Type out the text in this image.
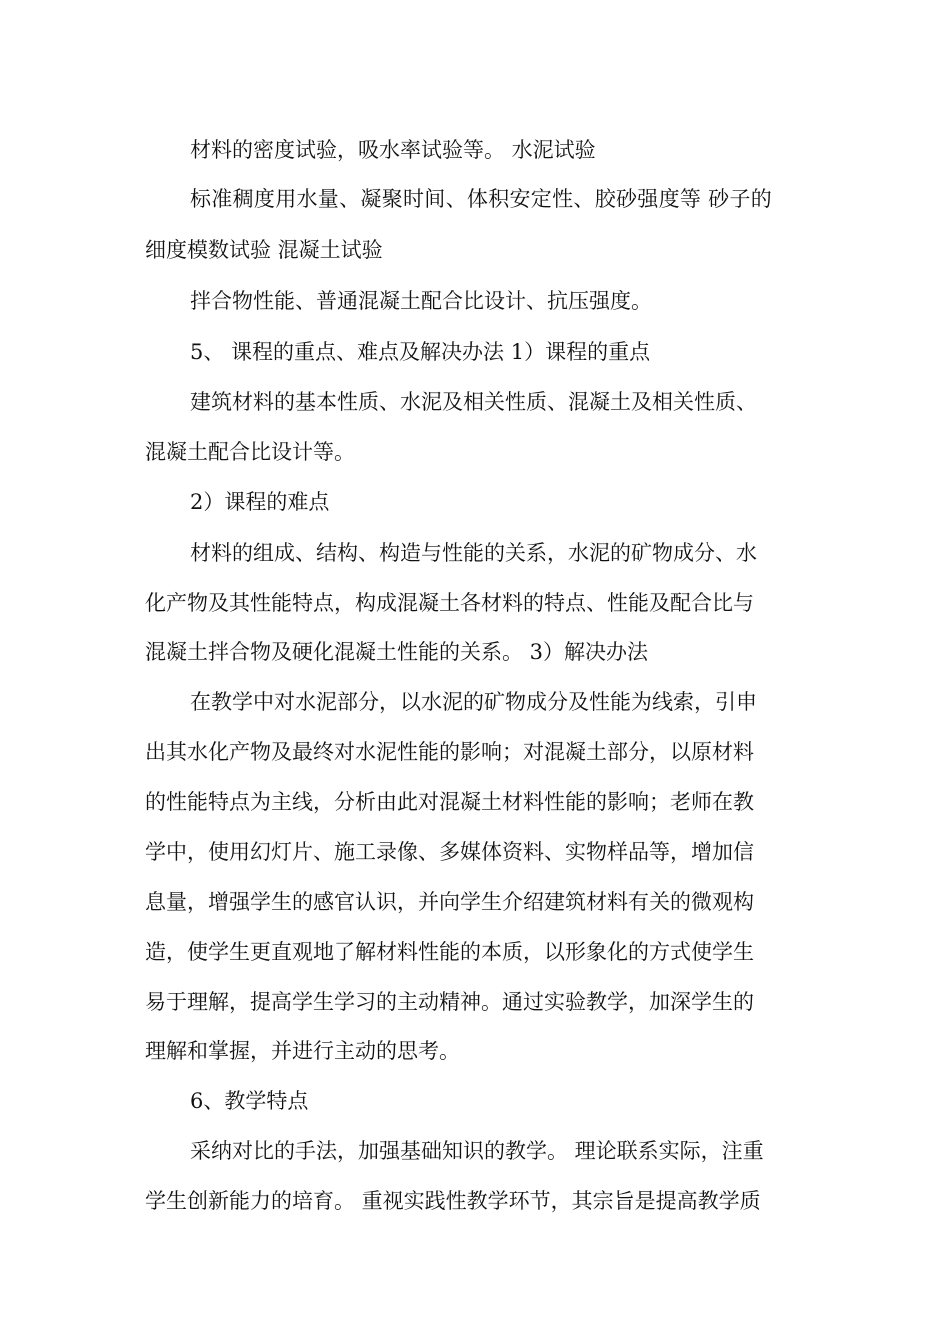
材料的密度试验，吸水率试验等。 水泥试验
标准稠度用水量、凝聚时间、体积安定性、胶砂强度等 砂子的
细度模数试验 混凝土试验
拌合物性能、普通混凝土配合比设计、抗压强度。
5、 课程的重点、难点及解决办法 1）课程的重点
建筑材料的基本性质、水泥及相关性质、混凝土及相关性质、
混凝土配合比设计等。
2）课程的难点
材料的组成、结构、构造与性能的关系，水泥的矿物成分、水
化产物及其性能特点，构成混凝土各材料的特点、性能及配合比与
混凝土拌合物及硬化混凝土性能的关系。 3）解决办法
在教学中对水泥部分，以水泥的矿物成分及性能为线索，引申
出其水化产物及最终对水泥性能的影响；对混凝土部分，以原材料
的性能特点为主线，分析由此对混凝土材料性能的影响；老师在教
学中，使用幻灯片、施工录像、多媒体资料、实物样品等，增加信
息量，增强学生的感官认识，并向学生介绍建筑材料有关的微观构
造，使学生更直观地了解材料性能的本质，以形象化的方式使学生
易于理解，提高学生学习的主动精神。通过实验教学，加深学生的
理解和掌握，并进行主动的思考。
6、教学特点
采纳对比的手法，加强基础知识的教学。 理论联系实际，注重
学生创新能力的培育。 重视实践性教学环节，其宗旨是提高教学质
